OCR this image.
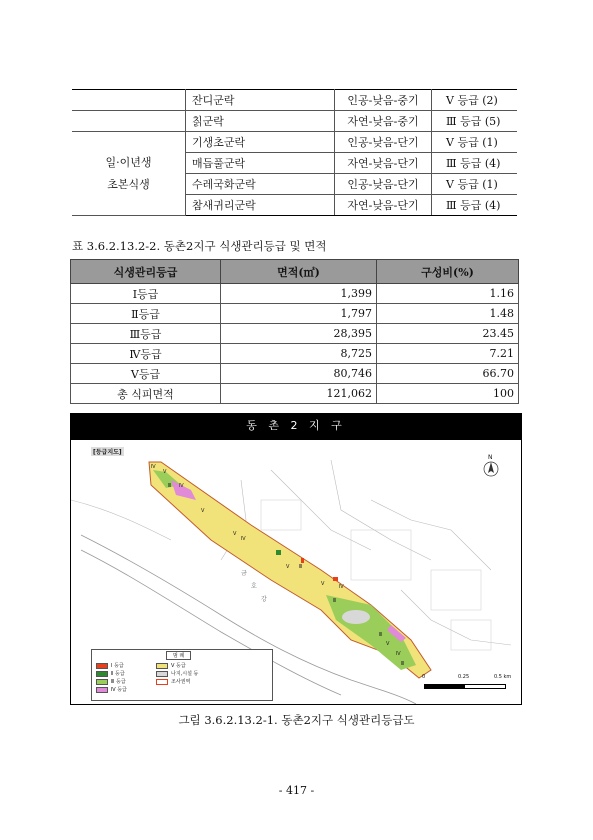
	잔디군락	인공-낮음-중기	Ⅴ 등급 (2)
	칡군락	자연-낮음-중기	Ⅲ 등급 (5)

일·이년생
초본식생	기생초군락	인공-낮음-단기	Ⅴ 등급 (1)
	매듭풀군락	자연-낮음-단기	Ⅲ 등급 (4)
	수레국화군락	인공-낮음-단기	Ⅴ 등급 (1)
	참새귀리군락	자연-낮음-단기	Ⅲ 등급 (4)
표 3.6.2.13.2-2. 동촌2지구 식생관리등급 및 면적
식생관리등급	면적(㎡)	구성비(%)
Ⅰ등급	1,399	1.16
Ⅱ등급	1,797	1.48
Ⅲ등급	28,395	23.45
Ⅳ등급	8,725	7.21
Ⅴ등급	80,746	66.70
총 식피면적	121,062	100
동 촌 2 지 구
Ⅳ
Ⅴ
Ⅲ Ⅳ
Ⅴ
Ⅴ
Ⅳ
Ⅴ Ⅲ
Ⅴ	Ⅳ
Ⅲ
Ⅲ
Ⅴ
Ⅳ
Ⅲ
금
호
강
[등급지도]
N
범 례
Ⅰ 등급
Ⅱ 등급
Ⅲ 등급
Ⅳ 등급
Ⅴ 등급
나지,시설 등
조사권역
0	0.25	0.5 km
그림 3.6.2.13.2-1. 동촌2지구 식생관리등급도
- 417 -
